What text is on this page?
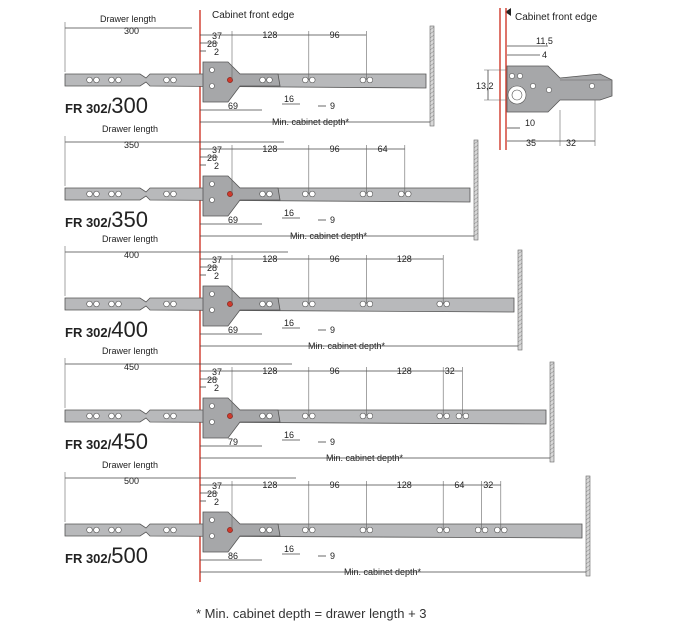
Drawer length	Cabinet front edge	Cabinet front edge
11,5
4
13,2
10
35	32
300	37
28
2
128	96
69
16
9
Min. cabinet depth*
FR 302/300
Drawer length
350	37
28
2
128	96	64
69
16
9
Min. cabinet depth*
FR 302/350
Drawer length
400	37
28
2
128	96	128
69
16
9
Min. cabinet depth*
FR 302/400
Drawer length
450	37
28
2
128	96	128	32
79
16
9
Min. cabinet depth*
FR 302/450
Drawer length
500	37
28
2
128	96	128	64 32
86
16
9
Min. cabinet depth*
FR 302/500
* Min. cabinet depth = drawer length + 3
